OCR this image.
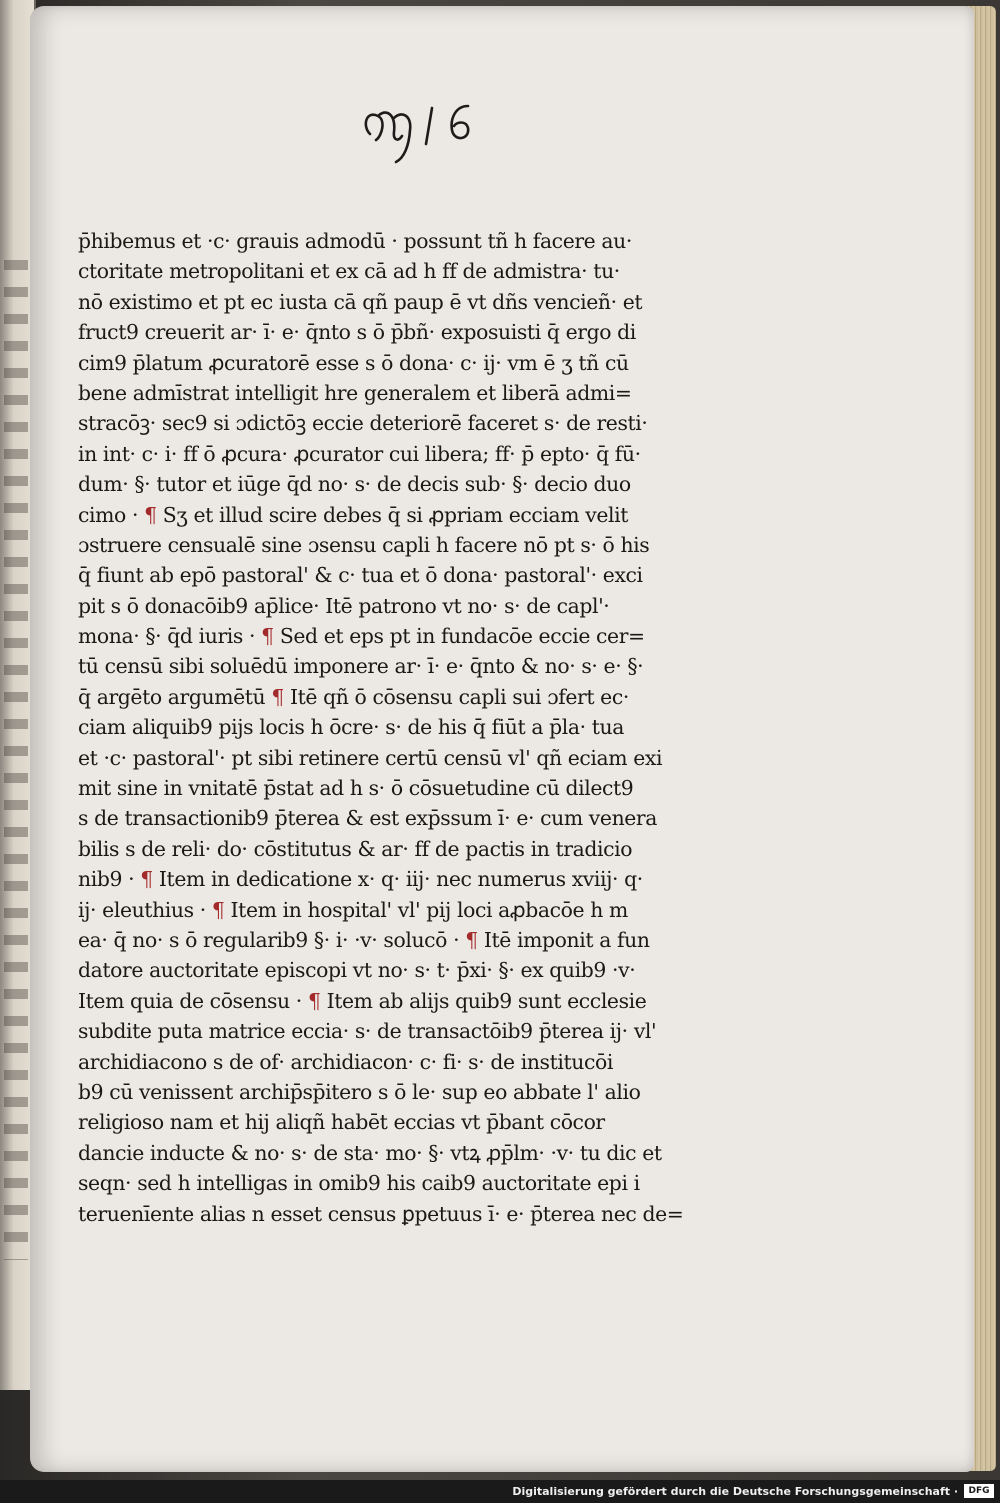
p̄hibemus et ·c· grauis admodū · possunt tñ h facere au·
ctoritate metropolitani et ex cā ad h ff de admistra· tu·
nō existimo et pt ec iusta cā qñ paup ē vt dñs vencieñ· et
fruct9 creuerit ar· ī· e· q̄nto s ō p̄bñ· exposuisti q̄ ergo di
cim9 p̄latum ꝓcuratorē esse s ō dona· c· ij· vm ē ʒ tñ cū
bene admīstrat intelligit hre generalem et liberā admi=
stracōꝫ· sec9 si ɔdictōꝫ eccie deteriorē faceret s· de resti·
in int· c· i· ff ō ꝓcura· ꝓcurator cui libera; ff· p̄ epto· q̄ fū·
dum· §· tutor et iūge q̄d no· s· de decis sub· §· decio duo
cimo · ¶ Sʒ et illud scire debes q̄ si ꝓpriam ecciam velit
ɔstruere censualē sine ɔsensu capli h facere nō pt s· ō his
q̄ fiunt ab epō pastoral' & c· tua et ō dona· pastoral'· exci
pit s ō donacōib9 ap̄lice· Itē patrono vt no· s· de capl'·
mona· §· q̄d iuris · ¶ Sed et eps pt in fundacōe eccie cer=
tū censū sibi soluēdū imponere ar· ī· e· q̄nto & no· s· e· §·
q̄ argēto argumētū ¶ Itē qñ ō cōsensu capli sui ɔfert ec·
ciam aliquib9 pijs locis h ōcre· s· de his q̄ fiūt a p̄la· tua
et ·c· pastoral'· pt sibi retinere certū censū vl' qñ eciam exi
mit sine in vnitatē p̄stat ad h s· ō cōsuetudine cū dilect9
s de transactionib9 p̄terea & est exp̄ssum ī· e· cum venera
bilis s de reli· do· cōstitutus & ar· ff de pactis in tradicio
nib9 · ¶ Item in dedicatione x· q· iij· nec numerus xviij· q·
ij· eleuthius · ¶ Item in hospital' vl' pij loci aꝓbacōe h m
ea· q̄ no· s ō regularib9 §· i· ·v· solucō · ¶ Itē imponit a fun
datore auctoritate episcopi vt no· s· t· p̄xi· §· ex quib9 ·v·
Item quia de cōsensu · ¶ Item ab alijs quib9 sunt ecclesie
subdite puta matrice eccia· s· de transactōib9 p̄terea ij· vl'
archidiacono s de of· archidiacon· c· fi· s· de institucōi
b9 cū venissent archip̄sp̄itero s ō le· sup eo abbate l' alio
religioso nam et hij aliqñ habēt eccias vt p̄bant cōcor
dancie inducte & no· s· de sta· mo· §· vtꝝ ꝓp̄lm· ·v· tu dic et
seqn· sed h intelligas in omib9 his caib9 auctoritate epi i
teruenīente alias n esset census ꝑpetuus ī· e· p̄terea nec de=
Digitalisierung gefördert durch die Deutsche Forschungsgemeinschaft ·	DFG
